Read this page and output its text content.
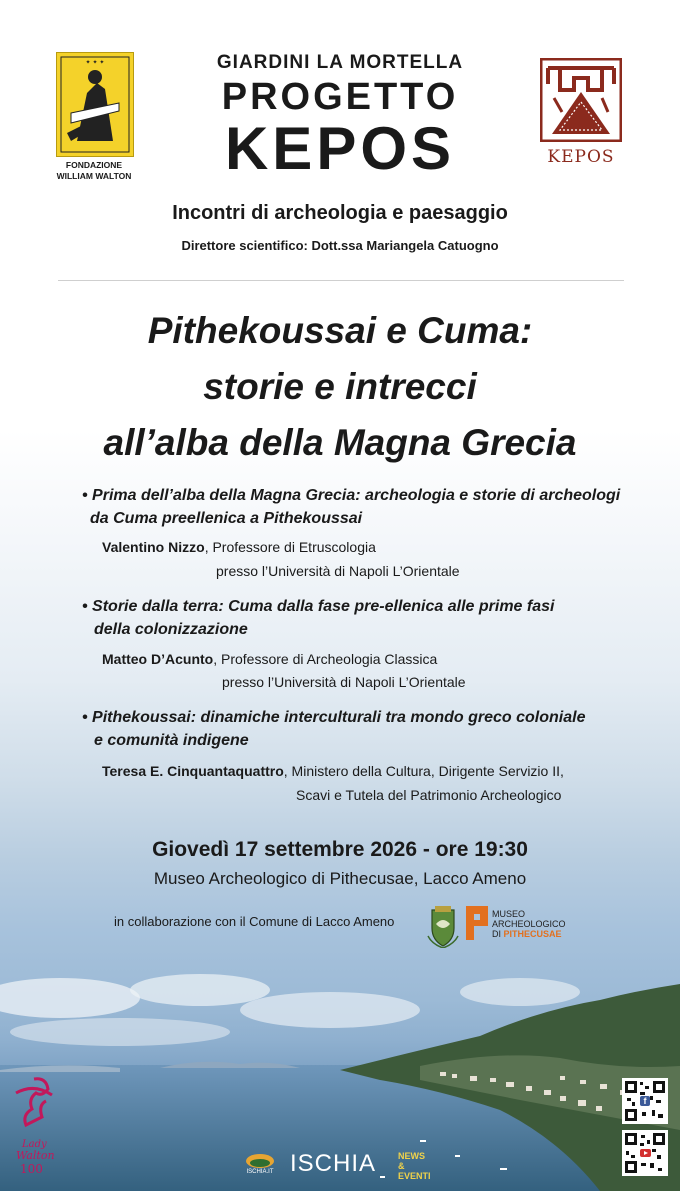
✦ ✦ ✦
FONDAZIONE
WILLIAM WALTON
GIARDINI LA MORTELLA
PROGETTO
KEPOS
Incontri di archeologia e paesaggio
Direttore scientifico: Dott.ssa Mariangela Catuogno
KEPOS
Pithekoussai e Cuma:
storie e intrecci
all’alba della Magna Grecia
• Prima dell’alba della Magna Grecia: archeologia e storie di archeologi
da Cuma preellenica a Pithekoussai
Valentino Nizzo, Professore di Etruscologia
presso l’Università di Napoli L’Orientale
• Storie dalla terra: Cuma dalla fase pre-ellenica alle prime fasi
della colonizzazione
Matteo D’Acunto, Professore di Archeologia Classica
presso l’Università di Napoli L’Orientale
• Pithekoussai: dinamiche interculturali tra mondo greco coloniale
e comunità indigene
Teresa E. Cinquantaquattro, Ministero della Cultura, Dirigente Servizio II,
Scavi e Tutela del Patrimonio Archeologico
Giovedì 17 settembre 2026 - ore 19:30
Museo Archeologico di Pithecusae, Lacco Ameno
in collaborazione con il Comune di Lacco Ameno	MUSEO
ARCHEOLOGICO
DI PITHECUSAE
Lady
Walton
100	ISCHIA.IT ISCHIA NEWS
&
EVENTI
f
